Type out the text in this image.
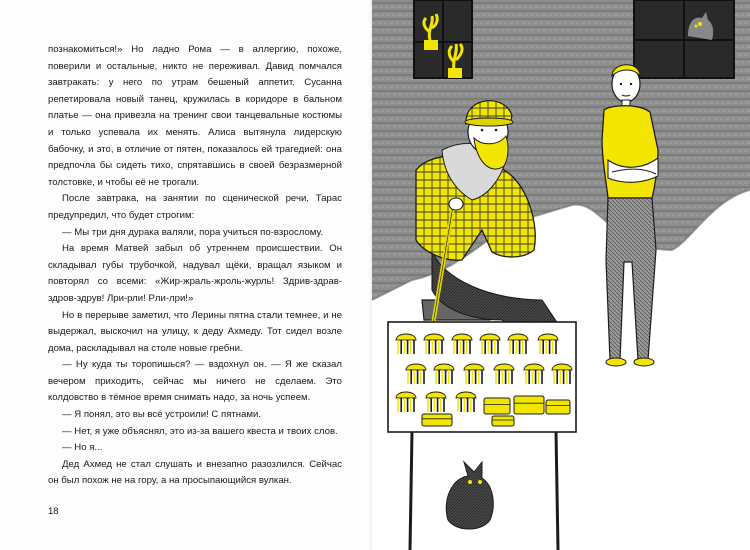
познакомиться!» Но ладно Рома — в аллергию, похоже, поверили и остальные, никто не переживал. Давид помчался завтракать: у него по утрам бешеный аппетит. Сусанна репетировала новый танец, кружилась в коридоре в бальном платье — она привезла на тренинг свои танцевальные костюмы и только успевала их менять. Алиса вытянула лидерскую бабочку, и это, в отличие от пятен, показалось ей трагедией: она предпочла бы сидеть тихо, спрятавшись в своей безразмерной толстовке, и чтобы её не трогали.

После завтрака, на занятии по сценической речи, Тарас предупредил, что будет строгим:

— Мы три дня дурака валяли, пора учиться по-взрослому.

На время Матвей забыл об утреннем происшествии. Он складывал губы трубочкой, надувал щёки, вращал языком и повторял со всеми: «Жир-жраль-жроль-журль! Здрив-здрав-здров-здрув! Лри-рли! Рли-лри!»

Но в перерыве заметил, что Лерины пятна стали темнее, и не выдержал, выскочил на улицу, к деду Ахмеду. Тот сидел возле дома, раскладывал на столе новые гребни.

— Ну куда ты торопишься? — вздохнул он. — Я же сказал вечером приходить, сейчас мы ничего не сделаем. Это колдовство в тёмное время снимать надо, за ночь успеем.

— Я понял, это вы всё устроили! С пятнами.

— Нет, я уже объяснял, это из-за вашего квеста и твоих слов.

— Но я...

Дед Ахмед не стал слушать и внезапно разозлился. Сейчас он был похож не на гору, а на просыпающийся вулкан.

18
